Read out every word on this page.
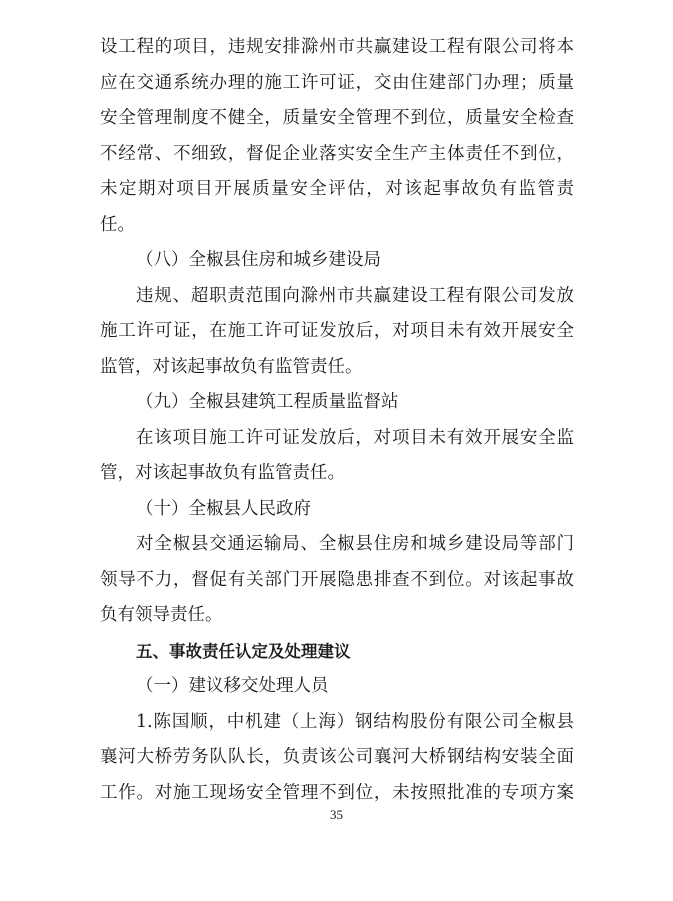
设工程的项目，违规安排滁州市共赢建设工程有限公司将本
应在交通系统办理的施工许可证，交由住建部门办理；质量
安全管理制度不健全，质量安全管理不到位，质量安全检查
不经常、不细致，督促企业落实安全生产主体责任不到位，
未定期对项目开展质量安全评估，对该起事故负有监管责
任。
（八）全椒县住房和城乡建设局
违规、超职责范围向滁州市共赢建设工程有限公司发放
施工许可证，在施工许可证发放后，对项目未有效开展安全
监管，对该起事故负有监管责任。
（九）全椒县建筑工程质量监督站
在该项目施工许可证发放后，对项目未有效开展安全监
管，对该起事故负有监管责任。
（十）全椒县人民政府
对全椒县交通运输局、全椒县住房和城乡建设局等部门
领导不力，督促有关部门开展隐患排查不到位。对该起事故
负有领导责任。
五、事故责任认定及处理建议
（一）建议移交处理人员
1.陈国顺，中机建（上海）钢结构股份有限公司全椒县
襄河大桥劳务队队长，负责该公司襄河大桥钢结构安装全面
工作。对施工现场安全管理不到位，未按照批准的专项方案
35
